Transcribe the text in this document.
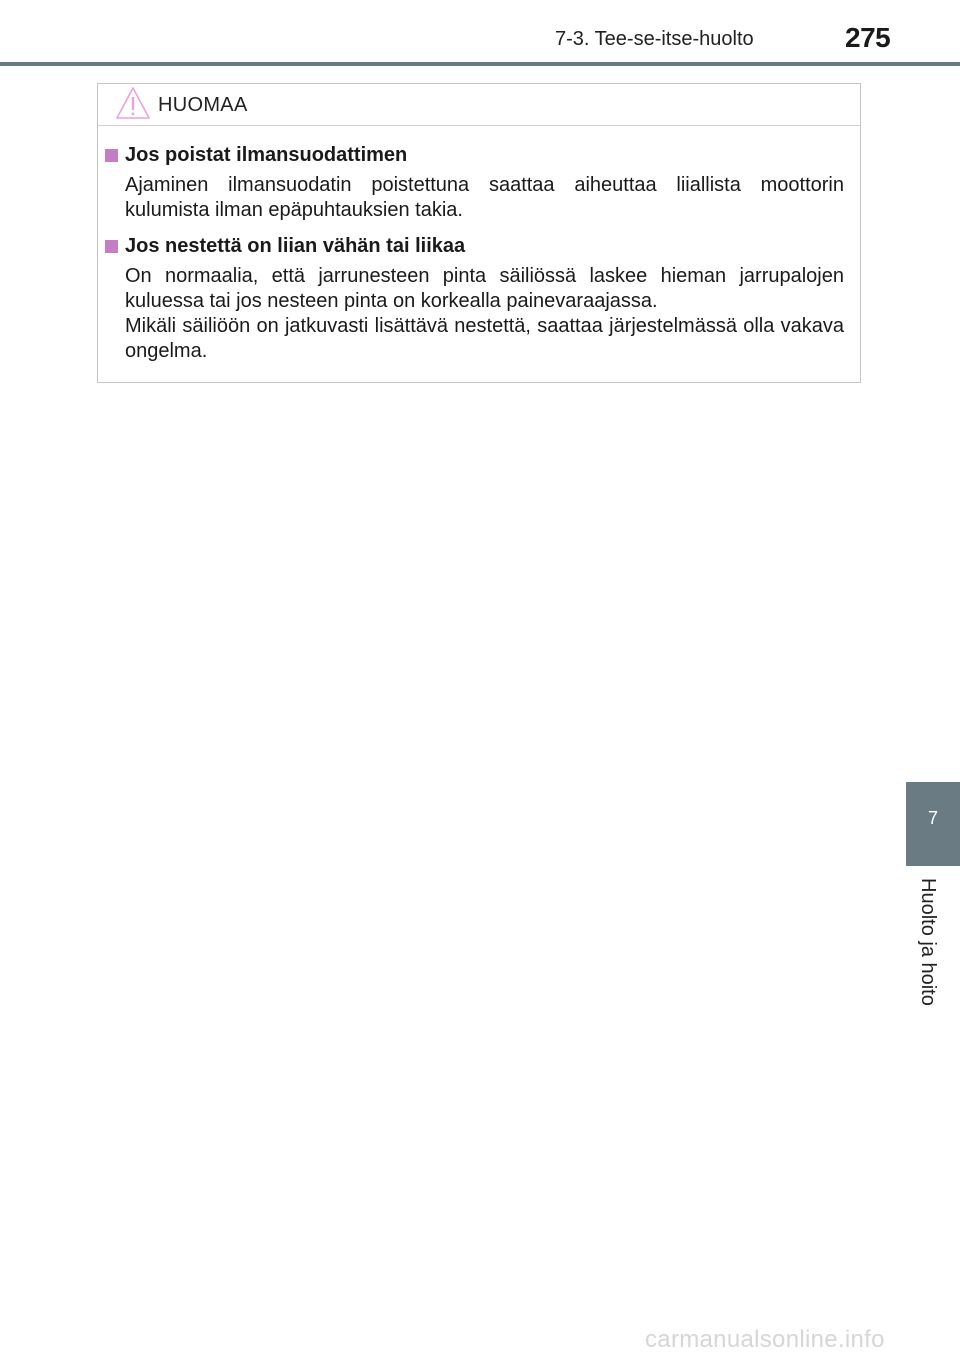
7-3. Tee-se-itse-huolto	275
HUOMAA
Jos poistat ilmansuodattimen

Ajaminen ilmansuodatin poistettuna saattaa aiheuttaa liiallista moottorin kulumista ilman epäpuhtauksien takia.

Jos nestettä on liian vähän tai liikaa

On normaalia, että jarrunesteen pinta säiliössä laskee hieman jarrupalojen kuluessa tai jos nesteen pinta on korkealla painevaraajassa.

Mikäli säiliöön on jatkuvasti lisättävä nestettä, saattaa järjestelmässä olla vakava ongelma.

7
Huolto ja hoito
carmanualsonline.info
